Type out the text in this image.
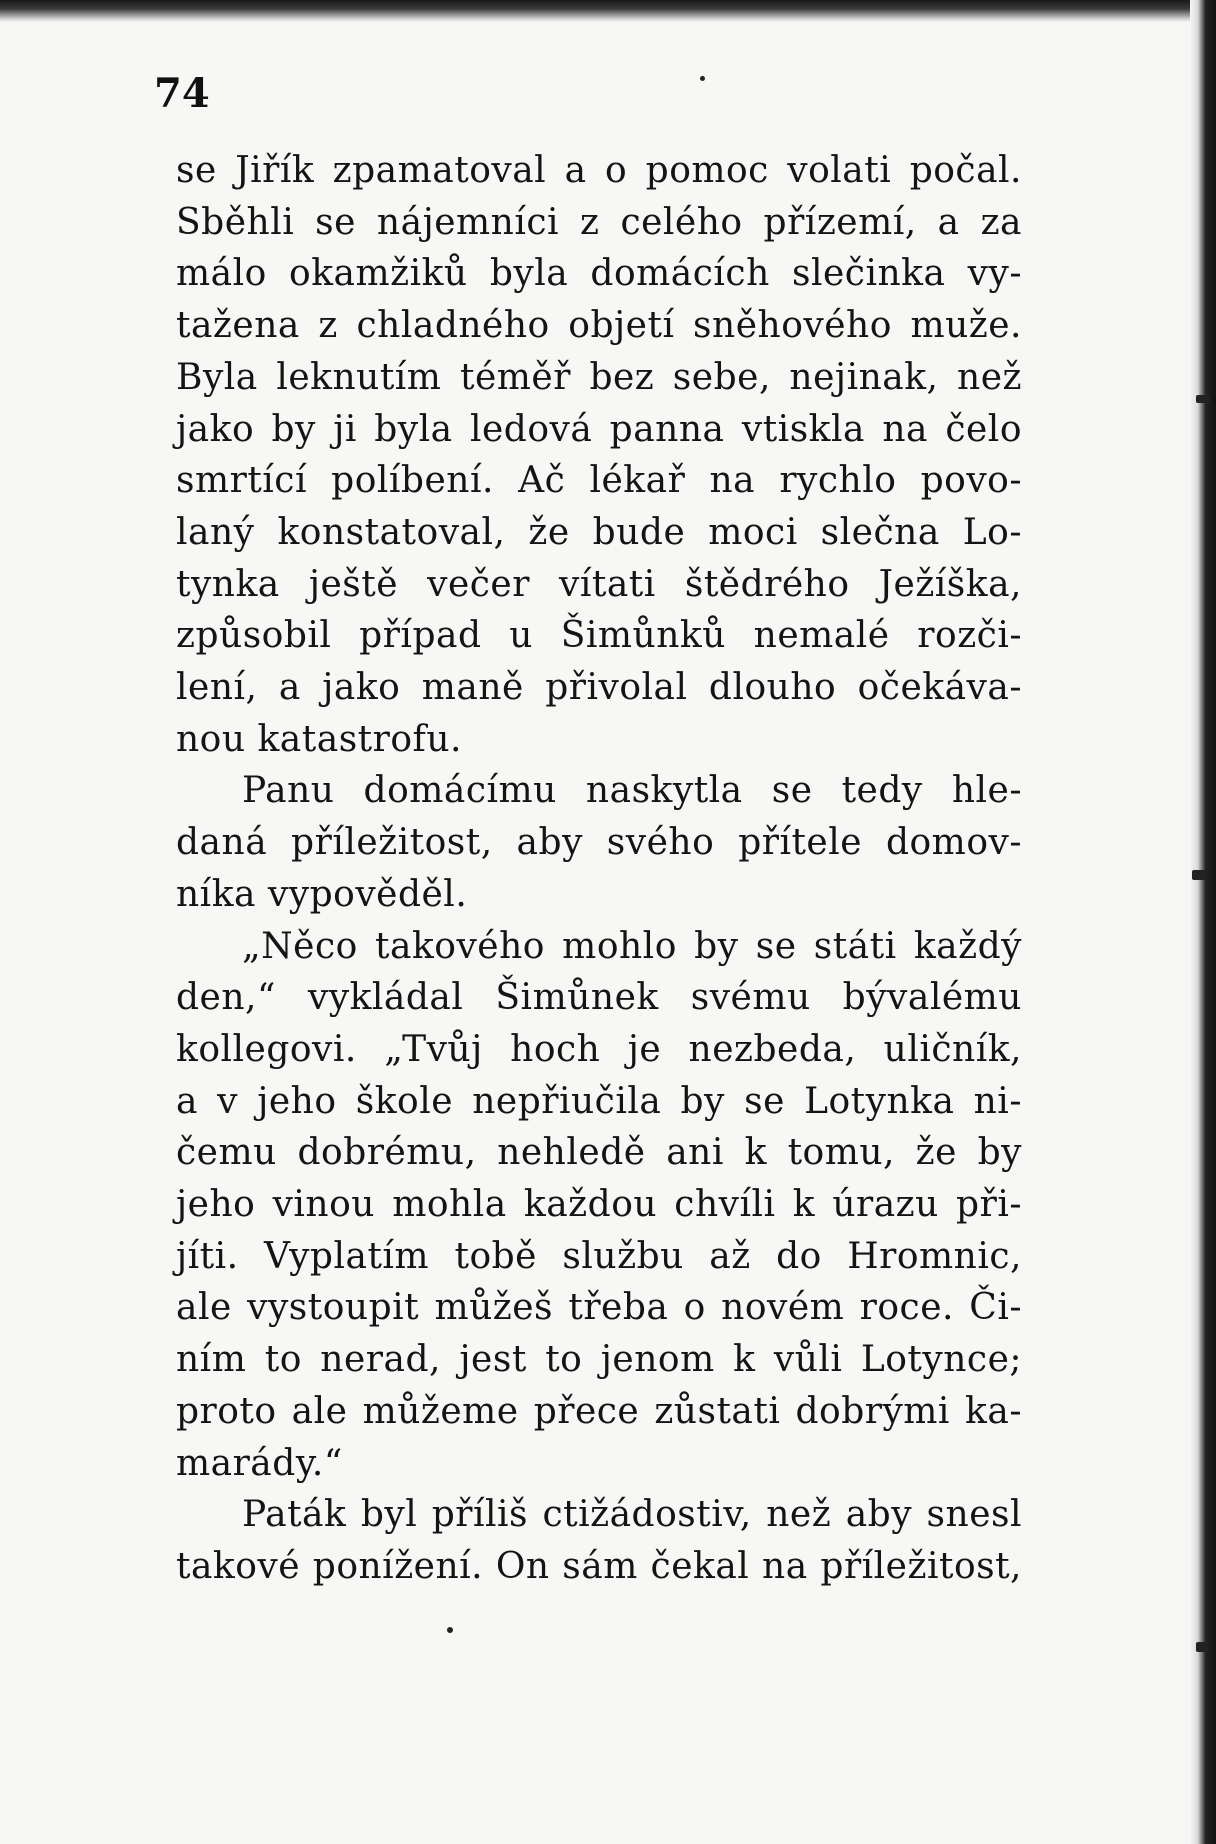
74
se Jiřík zpamatoval a o pomoc volati počal.
Sběhli se nájemníci z celého přízemí, a za
málo okamžiků byla domácích slečinka vy-
tažena z chladného objetí sněhového muže.
Byla leknutím téměř bez sebe, nejinak, než
jako by ji byla ledová panna vtiskla na čelo
smrtící políbení. Ač lékař na rychlo povo-
laný konstatoval, že bude moci slečna Lo-
tynka ještě večer vítati štědrého Ježíška,
způsobil případ u Šimůnků nemalé rozči-
lení, a jako maně přivolal dlouho očekáva-
nou katastrofu.
Panu domácímu naskytla se tedy hle-
daná příležitost, aby svého přítele domov-
níka vypověděl.
„Něco takového mohlo by se státi každý
den,“ vykládal Šimůnek svému bývalému
kollegovi. „Tvůj hoch je nezbeda, uličník,
a v jeho škole nepřiučila by se Lotynka ni-
čemu dobrému, nehledě ani k tomu, že by
jeho vinou mohla každou chvíli k úrazu při-
jíti. Vyplatím tobě službu až do Hromnic,
ale vystoupit můžeš třeba o novém roce. Či-
ním to nerad, jest to jenom k vůli Lotynce;
proto ale můžeme přece zůstati dobrými ka-
marády.“
Paták byl příliš ctižádostiv, než aby snesl
takové ponížení. On sám čekal na příležitost,
